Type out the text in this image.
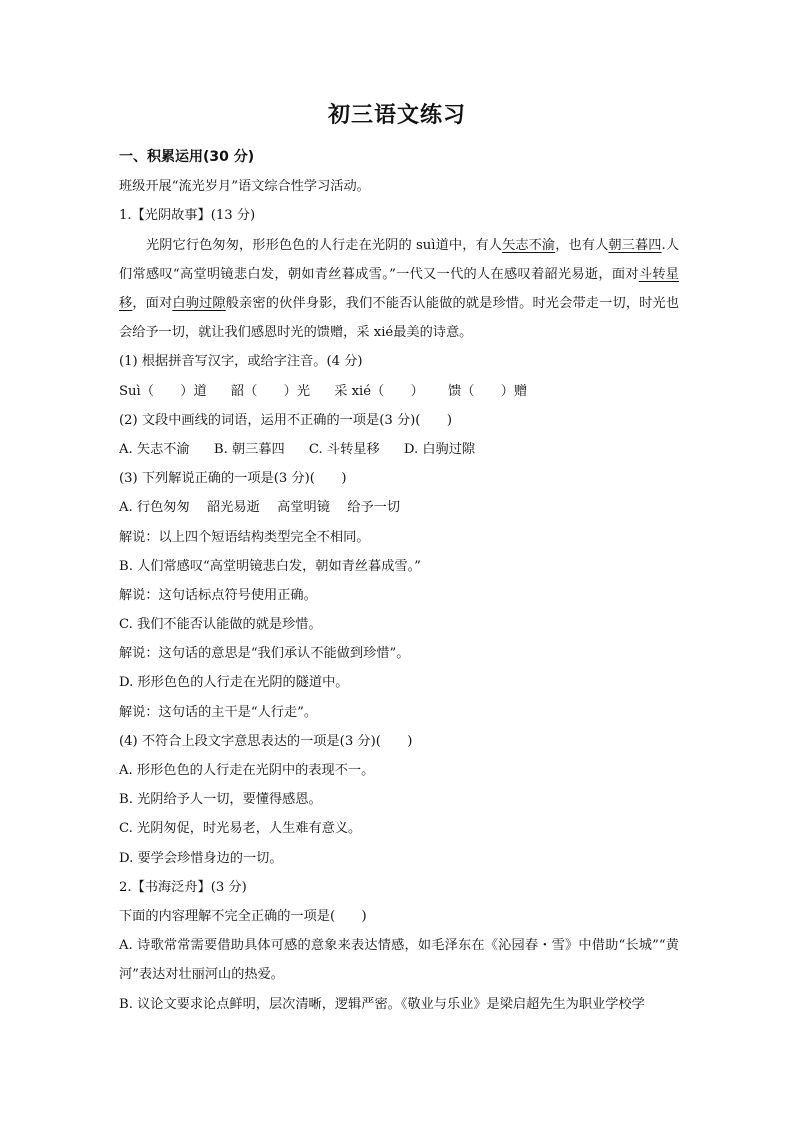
初三语文练习
一、积累运用(30 分)
班级开展“流光岁月”语文综合性学习活动。
1.【光阴故事】(13 分)
光阴它行色匆匆，形形色色的人行走在光阴的 suì道中，有人矢志不渝，也有人朝三暮四.人们常感叹“高堂明镜悲白发，朝如青丝暮成雪。”一代又一代的人在感叹着韶光易逝，面对斗转星移，面对白驹过隙般亲密的伙伴身影，我们不能否认能做的就是珍惜。时光会带走一切，时光也会给予一切，就让我们感恩时光的馈赠，采 xié最美的诗意。
(1) 根据拼音写汉字，或给字注音。(4 分)
Suì（　　）道 韶（　　）光 采 xié（　　） 馈（　　）赠
(2) 文段中画线的词语，运用不正确的一项是(3 分)(　　)
A. 矢志不渝 B. 朝三暮四 C. 斗转星移 D. 白驹过隙
(3) 下列解说正确的一项是(3 分)(　　)
A. 行色匆匆　 韶光易逝　 高堂明镜　 给予一切
解说：以上四个短语结构类型完全不相同。
B. 人们常感叹“高堂明镜悲白发，朝如青丝暮成雪。”
解说：这句话标点符号使用正确。
C. 我们不能否认能做的就是珍惜。
解说：这句话的意思是“我们承认不能做到珍惜”。
D. 形形色色的人行走在光阴的隧道中。
解说：这句话的主干是“人行走”。
(4) 不符合上段文字意思表达的一项是(3 分)(　　)
A. 形形色色的人行走在光阴中的表现不一。
B. 光阴给予人一切，要懂得感恩。
C. 光阴匆促，时光易老，人生难有意义。
D. 要学会珍惜身边的一切。
2.【书海泛舟】(3 分)
下面的内容理解不完全正确的一项是(　　)
A. 诗歌常常需要借助具体可感的意象来表达情感，如毛泽东在《沁园春・雪》中借助“长城”“黄河”表达对壮丽河山的热爱。
B. 议论文要求论点鲜明，层次清晰，逻辑严密。《敬业与乐业》是梁启超先生为职业学校学
